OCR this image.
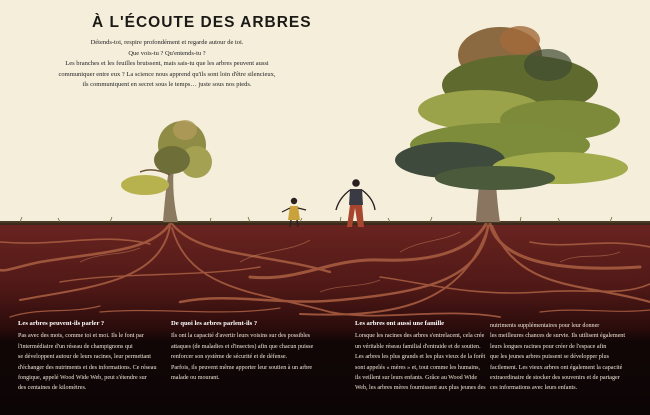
À L'ÉCOUTE DES ARBRES
Détends-toi, respire profondément et regarde autour de toi.
Que vois-tu ? Qu'entends-tu ?
Les branches et les feuilles bruissent, mais sais-tu que les arbres peuvent aussi
communiquer entre eux ? La science nous apprend qu'ils sont loin d'être silencieux,
ils communiquent en secret sous le temps… juste sous nos pieds.
Les arbres peuvent-ils parler ?

Pas avec des mots, comme toi et moi. Ils le font par
l'intermédiaire d'un réseau de champignons qui
se développent autour de leurs racines, leur permettant
d'échanger des nutriments et des informations. Ce réseau
fongique, appelé Wood Wide Web, peut s'étendre sur
des centaines de kilomètres.

De quoi les arbres parlent-ils ?

Ils ont la capacité d'avertir leurs voisins sur des possibles
attaques (de maladies et d'insectes) afin que chacun puisse
renforcer son système de sécurité et de défense.
Parfois, ils peuvent même apporter leur soutien à un arbre
malade ou mourant.

Les arbres ont aussi une famille

Lorsque les racines des arbres s'entrelacent, cela crée
un véritable réseau familial d'entraide et de soutien.
Les arbres les plus grands et les plus vieux de la forêt
sont appelés « mères » et, tout comme les humains,
ils veillent sur leurs enfants. Grâce au Wood Wide
Web, les arbres mères fournissent aux plus jeunes des

nutriments supplémentaires pour leur donner
les meilleures chances de survie. Ils utilisent également
leurs longues racines pour créer de l'espace afin
que les jeunes arbres puissent se développer plus
facilement. Les vieux arbres ont également la capacité
extraordinaire de stocker des souvenirs et de partager
ces informations avec leurs enfants.
